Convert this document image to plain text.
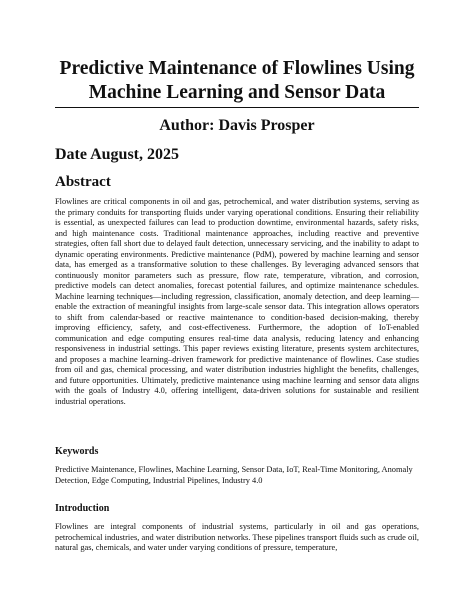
Predictive Maintenance of Flowlines Using Machine Learning and Sensor Data
Author: Davis Prosper
Date August, 2025
Abstract

Flowlines are critical components in oil and gas, petrochemical, and water distribution systems, serving as the primary conduits for transporting fluids under varying operational conditions. Ensuring their reliability is essential, as unexpected failures can lead to production downtime, environmental hazards, safety risks, and high maintenance costs. Traditional maintenance approaches, including reactive and preventive strategies, often fall short due to delayed fault detection, unnecessary servicing, and the inability to adapt to dynamic operating environments. Predictive maintenance (PdM), powered by machine learning and sensor data, has emerged as a transformative solution to these challenges. By leveraging advanced sensors that continuously monitor parameters such as pressure, flow rate, temperature, vibration, and corrosion, predictive models can detect anomalies, forecast potential failures, and optimize maintenance schedules. Machine learning techniques—including regression, classification, anomaly detection, and deep learning—enable the extraction of meaningful insights from large-scale sensor data. This integration allows operators to shift from calendar-based or reactive maintenance to condition-based decision-making, thereby improving efficiency, safety, and cost-effectiveness. Furthermore, the adoption of IoT-enabled communication and edge computing ensures real-time data analysis, reducing latency and enhancing responsiveness in industrial settings. This paper reviews existing literature, presents system architectures, and proposes a machine learning–driven framework for predictive maintenance of flowlines. Case studies from oil and gas, chemical processing, and water distribution industries highlight the benefits, challenges, and future opportunities. Ultimately, predictive maintenance using machine learning and sensor data aligns with the goals of Industry 4.0, offering intelligent, data-driven solutions for sustainable and resilient industrial operations.

Keywords

Predictive Maintenance, Flowlines, Machine Learning, Sensor Data, IoT, Real-Time Monitoring, Anomaly Detection, Edge Computing, Industrial Pipelines, Industry 4.0

Introduction

Flowlines are integral components of industrial systems, particularly in oil and gas operations, petrochemical industries, and water distribution networks. These pipelines transport fluids such as crude oil, natural gas, chemicals, and water under varying conditions of pressure, temperature,
